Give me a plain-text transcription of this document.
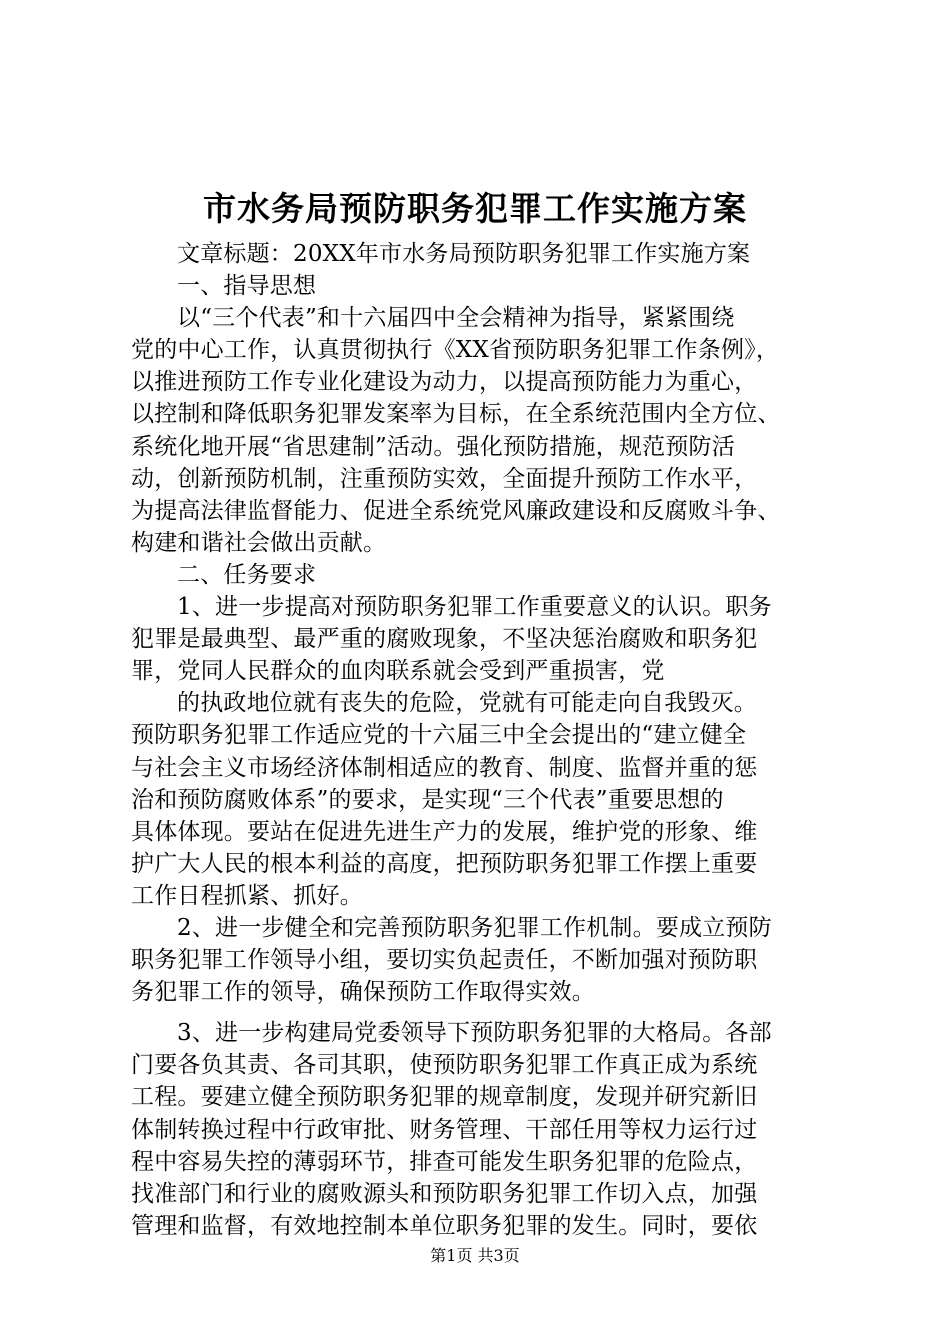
市水务局预防职务犯罪工作实施方案
文章标题：20XX年市水务局预防职务犯罪工作实施方案
一、指导思想
以“三个代表”和十六届四中全会精神为指导，紧紧围绕
党的中心工作，认真贯彻执行《XX省预防职务犯罪工作条例》，
以推进预防工作专业化建设为动力，以提高预防能力为重心，
以控制和降低职务犯罪发案率为目标，在全系统范围内全方位、
系统化地开展“省思建制”活动。强化预防措施，规范预防活
动，创新预防机制，注重预防实效，全面提升预防工作水平，
为提高法律监督能力、促进全系统党风廉政建设和反腐败斗争、
构建和谐社会做出贡献。
二、任务要求
1、进一步提高对预防职务犯罪工作重要意义的认识。职务
犯罪是最典型、最严重的腐败现象，不坚决惩治腐败和职务犯
罪，党同人民群众的血肉联系就会受到严重损害，党
的执政地位就有丧失的危险，党就有可能走向自我毁灭。
预防职务犯罪工作适应党的十六届三中全会提出的“建立健全
与社会主义市场经济体制相适应的教育、制度、监督并重的惩
治和预防腐败体系”的要求，是实现“三个代表”重要思想的
具体体现。要站在促进先进生产力的发展，维护党的形象、维
护广大人民的根本利益的高度，把预防职务犯罪工作摆上重要
工作日程抓紧、抓好。
2、进一步健全和完善预防职务犯罪工作机制。要成立预防
职务犯罪工作领导小组，要切实负起责任，不断加强对预防职
务犯罪工作的领导，确保预防工作取得实效。
3、进一步构建局党委领导下预防职务犯罪的大格局。各部
门要各负其责、各司其职，使预防职务犯罪工作真正成为系统
工程。要建立健全预防职务犯罪的规章制度，发现并研究新旧
体制转换过程中行政审批、财务管理、干部任用等权力运行过
程中容易失控的薄弱环节，排查可能发生职务犯罪的危险点，
找准部门和行业的腐败源头和预防职务犯罪工作切入点，加强
管理和监督，有效地控制本单位职务犯罪的发生。同时，要依
第1页 共3页
